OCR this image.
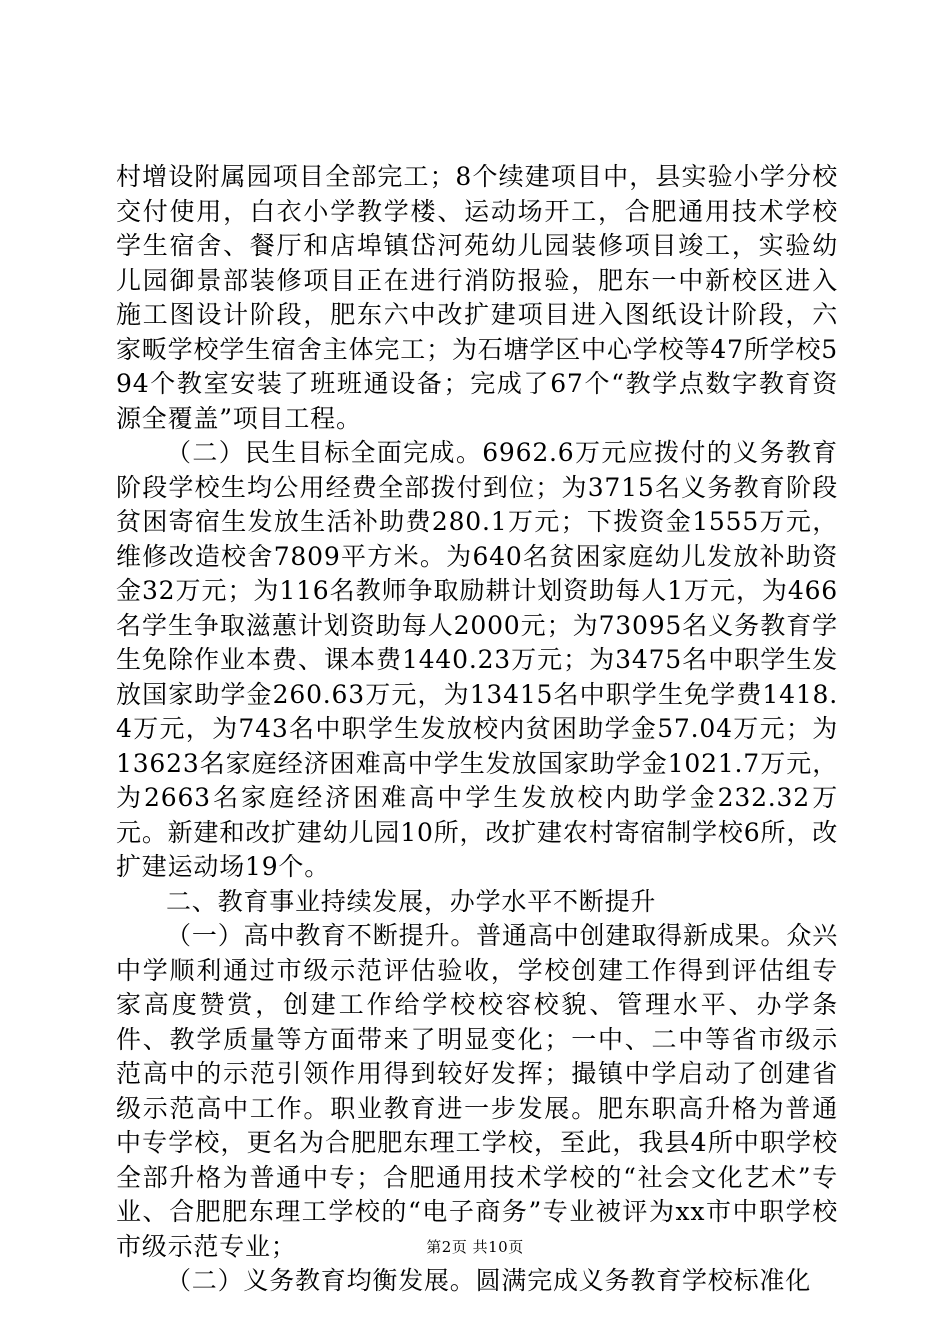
村增设附属园项目全部完工；8个续建项目中，县实验小学分校交付使用，白衣小学教学楼、运动场开工，合肥通用技术学校学生宿舍、餐厅和店埠镇岱河苑幼儿园装修项目竣工，实验幼儿园御景部装修项目正在进行消防报验，肥东一中新校区进入施工图设计阶段，肥东六中改扩建项目进入图纸设计阶段，六家畈学校学生宿舍主体完工；为石塘学区中心学校等47所学校594个教室安装了班班通设备；完成了67个“教学点数字教育资源全覆盖”项目工程。

（二）民生目标全面完成。6962.6万元应拨付的义务教育阶段学校生均公用经费全部拨付到位；为3715名义务教育阶段贫困寄宿生发放生活补助费280.1万元；下拨资金1555万元，维修改造校舍7809平方米。为640名贫困家庭幼儿发放补助资金32万元；为116名教师争取励耕计划资助每人1万元，为466名学生争取滋蕙计划资助每人2000元；为73095名义务教育学生免除作业本费、课本费1440.23万元；为3475名中职学生发放国家助学金260.63万元，为13415名中职学生免学费1418.4万元，为743名中职学生发放校内贫困助学金57.04万元；为13623名家庭经济困难高中学生发放国家助学金1021.7万元，为2663名家庭经济困难高中学生发放校内助学金232.32万元。新建和改扩建幼儿园10所，改扩建农村寄宿制学校6所，改扩建运动场19个。

二、教育事业持续发展，办学水平不断提升

（一）高中教育不断提升。普通高中创建取得新成果。众兴中学顺利通过市级示范评估验收，学校创建工作得到评估组专家高度赞赏，创建工作给学校校容校貌、管理水平、办学条件、教学质量等方面带来了明显变化；一中、二中等省市级示范高中的示范引领作用得到较好发挥；撮镇中学启动了创建省级示范高中工作。职业教育进一步发展。肥东职高升格为普通中专学校，更名为合肥肥东理工学校，至此，我县4所中职学校全部升格为普通中专；合肥通用技术学校的“社会文化艺术”专业、合肥肥东理工学校的“电子商务”专业被评为xx市中职学校市级示范专业；

（二）义务教育均衡发展。圆满完成义务教育学校标准化

第2页 共10页
